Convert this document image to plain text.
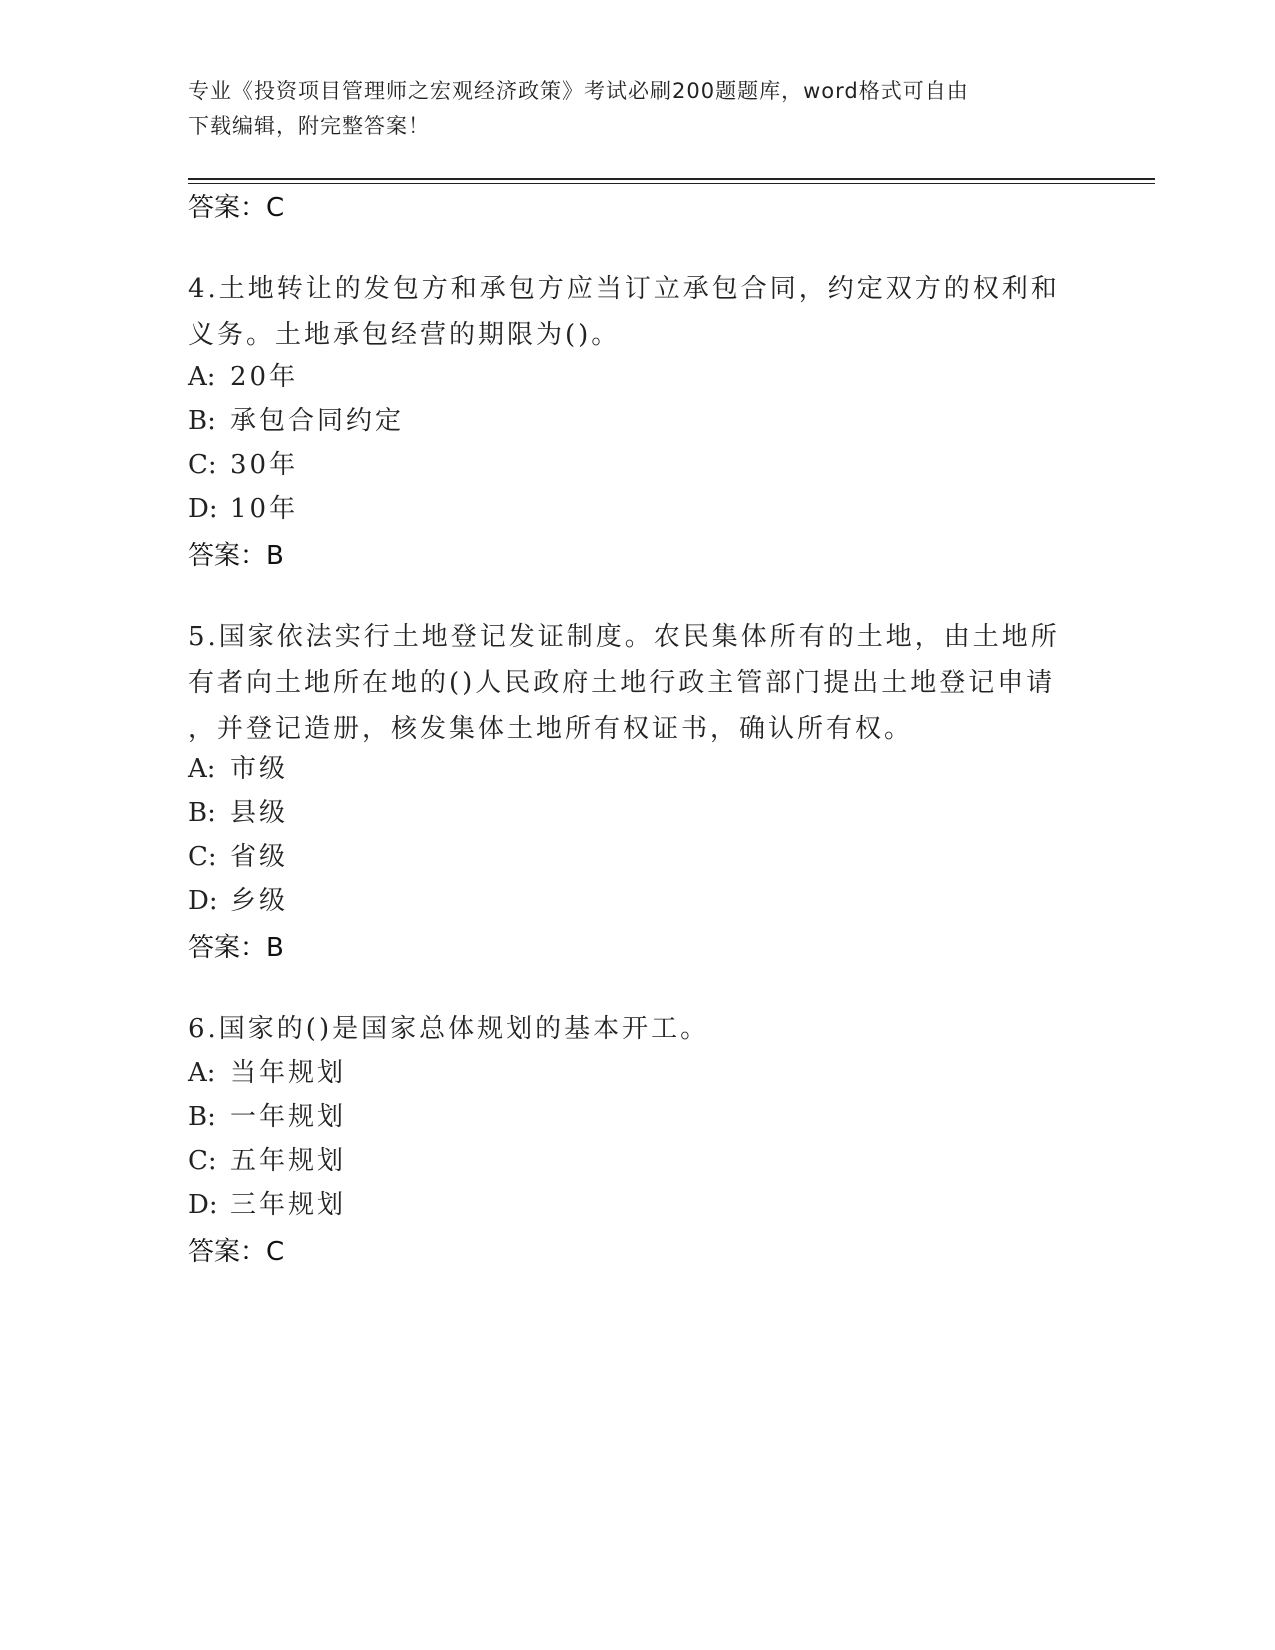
专业《投资项目管理师之宏观经济政策》考试必刷200题题库，word格式可自由
下载编辑，附完整答案！
答案：C
4.土地转让的发包方和承包方应当订立承包合同，约定双方的权利和
义务。土地承包经营的期限为()。
A: 20年
B: 承包合同约定
C: 30年
D: 10年
答案：B
5.国家依法实行土地登记发证制度。农民集体所有的土地，由土地所
有者向土地所在地的()人民政府土地行政主管部门提出土地登记申请
，并登记造册，核发集体土地所有权证书，确认所有权。
A: 市级
B: 县级
C: 省级
D: 乡级
答案：B
6.国家的()是国家总体规划的基本开工。
A: 当年规划
B: 一年规划
C: 五年规划
D: 三年规划
答案：C
